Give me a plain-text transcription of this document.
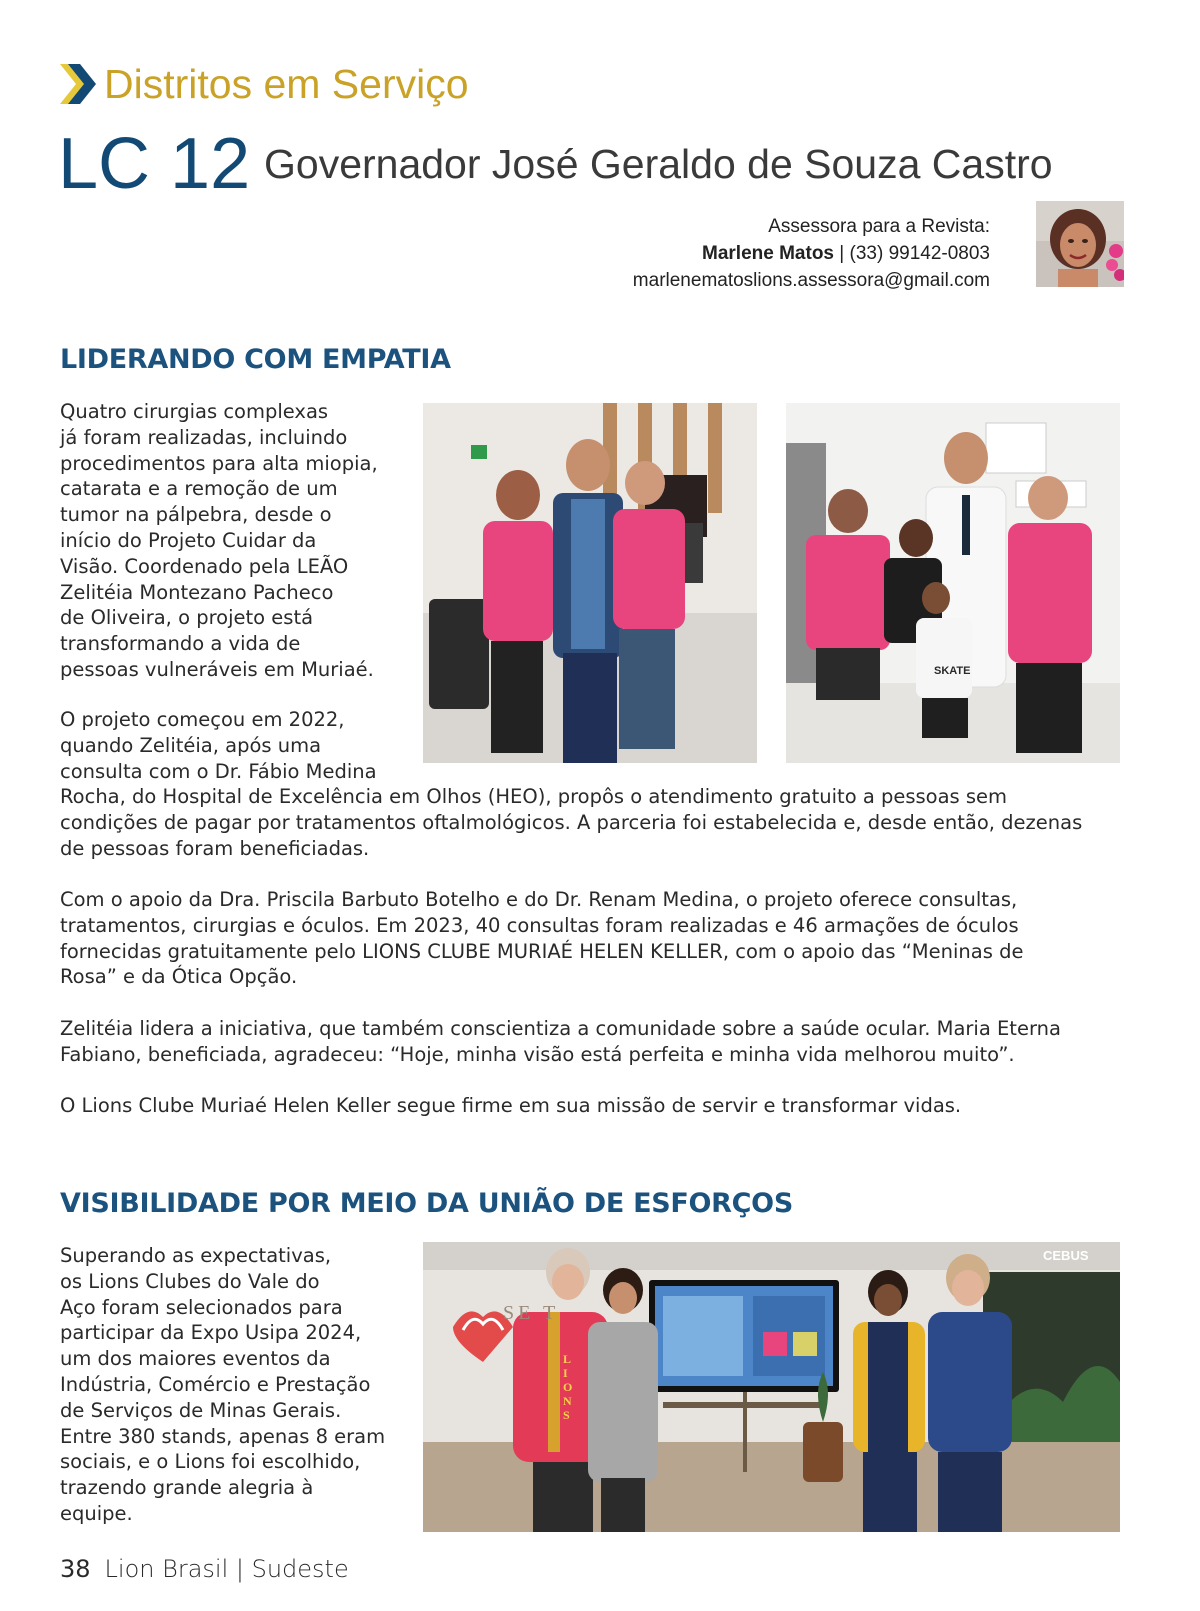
Distritos em Serviço
LC 12 Governador José Geraldo de Souza Castro
Assessora para a Revista:
Marlene Matos | (33) 99142-0803
marlenematoslions.assessora@gmail.com
LIDERANDO COM EMPATIA
Quatro cirurgias complexas
já foram realizadas, incluindo
procedimentos para alta miopia,
catarata e a remoção de um
tumor na pálpebra, desde o
início do Projeto Cuidar da
Visão. Coordenado pela LEÃO
Zelitéia Montezano Pacheco
de Oliveira, o projeto está
transformando a vida de
pessoas vulneráveis em Muriaé.
O projeto começou em 2022,
quando Zelitéia, após uma
consulta com o Dr. Fábio Medina
Rocha, do Hospital de Excelência em Olhos (HEO), propôs o atendimento gratuito a pessoas sem
condições de pagar por tratamentos oftalmológicos. A parceria foi estabelecida e, desde então, dezenas
de pessoas foram beneficiadas.
Com o apoio da Dra. Priscila Barbuto Botelho e do Dr. Renam Medina, o projeto oferece consultas,
tratamentos, cirurgias e óculos. Em 2023, 40 consultas foram realizadas e 46 armações de óculos
fornecidas gratuitamente pelo LIONS CLUBE MURIAÉ HELEN KELLER, com o apoio das “Meninas de
Rosa” e da Ótica Opção.
Zelitéia lidera a iniciativa, que também conscientiza a comunidade sobre a saúde ocular. Maria Eterna
Fabiano, beneficiada, agradeceu: “Hoje, minha visão está perfeita e minha vida melhorou muito”.
O Lions Clube Muriaé Helen Keller segue firme em sua missão de servir e transformar vidas.
SKATE
VISIBILIDADE POR MEIO DA UNIÃO DE ESFORÇOS
Superando as expectativas,
os Lions Clubes do Vale do
Aço foram selecionados para
participar da Expo Usipa 2024,
um dos maiores eventos da
Indústria, Comércio e Prestação
de Serviços de Minas Gerais.
Entre 380 stands, apenas 8 eram
sociais, e o Lions foi escolhido,
trazendo grande alegria à
equipe.
SE T
CEBUS
LIONS
38 Lion Brasil | Sudeste
